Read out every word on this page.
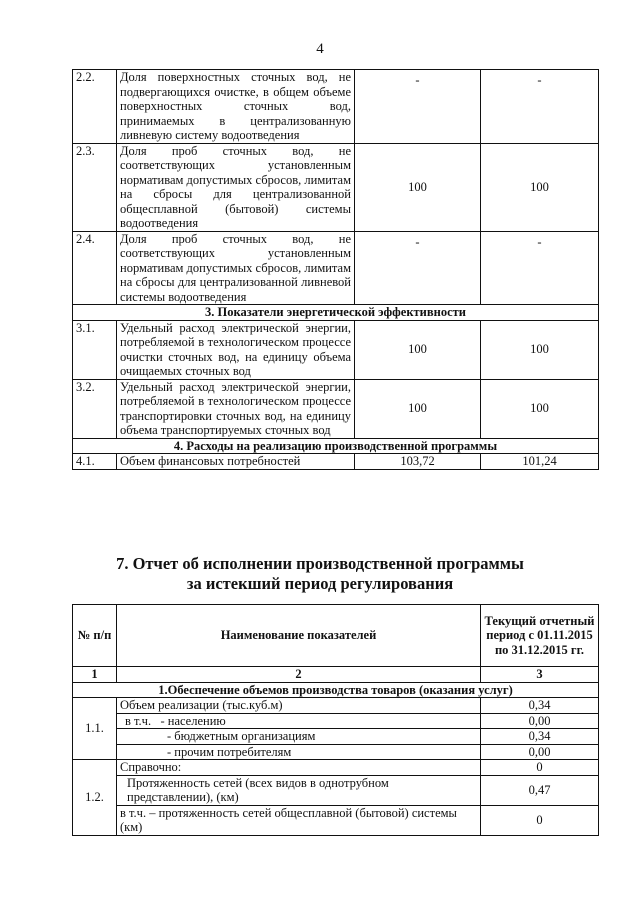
4
2.2.	Доля поверхностных сточных вод, не подвергающихся очистке, в общем объеме поверхностных сточных вод, принимаемых в централизованную ливневую систему водоотведения	-	-
2.3.	Доля проб сточных вод, не соответствующих установленным нормативам допустимых сбросов, лимитам на сбросы для централизованной общесплавной (бытовой) системы водоотведения	100	100
2.4.	Доля проб сточных вод, не соответствующих установленным нормативам допустимых сбросов, лимитам на сбросы для централизованной ливневой системы водоотведения	-	-
3. Показатели энергетической эффективности			
3.1.	Удельный расход электрической энергии, потребляемой в технологическом процессе очистки сточных вод, на единицу объема очищаемых сточных вод	100	100
3.2.	Удельный расход электрической энергии, потребляемой в технологическом процессе транспортировки сточных вод, на единицу объема транспортируемых сточных вод	100	100
4. Расходы на реализацию производственной программы			
4.1.	Объем финансовых потребностей	103,72	101,24
7. Отчет об исполнении производственной программы
за истекший период регулирования
№ п/п	Наименование показателей	Текущий отчетный период с 01.11.2015 по 31.12.2015 гг.
1	2	3
1.Обеспечение объемов производства товаров (оказания услуг)		
1.1.	Объем реализации (тыс.куб.м)	0,34
	в т.ч.   - населению	0,00
	- бюджетным организациям	0,34
	- прочим потребителям	0,00
1.2.	Справочно:	0
	Протяженность сетей (всех видов в однотрубном представлении), (км)	0,47
	в т.ч. – протяженность сетей общесплавной (бытовой) системы (км)	0
